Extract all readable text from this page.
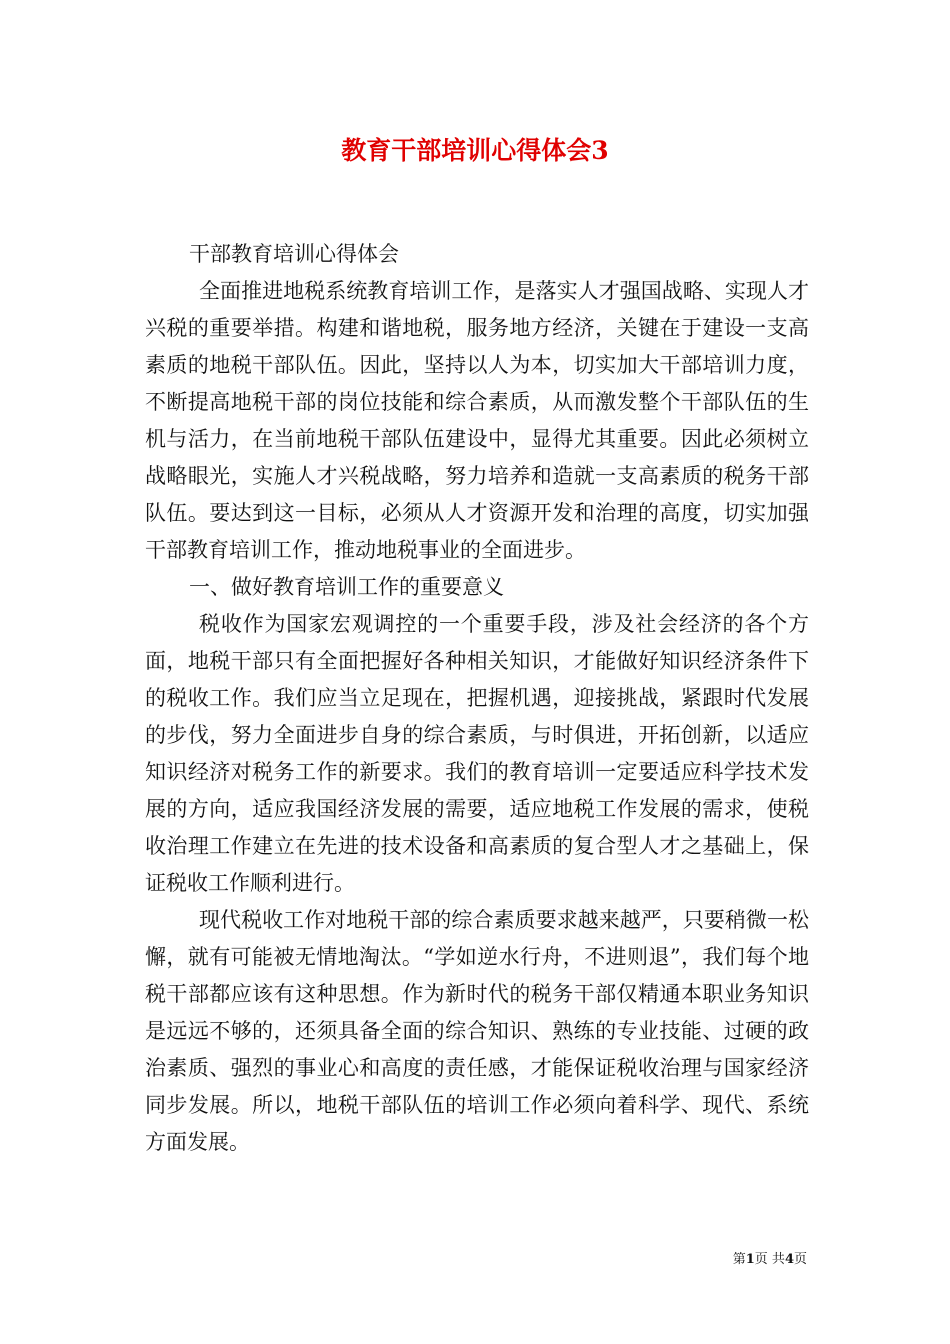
教育干部培训心得体会3

干部教育培训心得体会

全面推进地税系统教育培训工作，是落实人才强国战略、实现人才兴税的重要举措。构建和谐地税，服务地方经济，关键在于建设一支高素质的地税干部队伍。因此，坚持以人为本，切实加大干部培训力度，不断提高地税干部的岗位技能和综合素质，从而激发整个干部队伍的生机与活力，在当前地税干部队伍建设中，显得尤其重要。因此必须树立战略眼光，实施人才兴税战略，努力培养和造就一支高素质的税务干部队伍。要达到这一目标，必须从人才资源开发和治理的高度，切实加强干部教育培训工作，推动地税事业的全面进步。

一、做好教育培训工作的重要意义

税收作为国家宏观调控的一个重要手段，涉及社会经济的各个方面，地税干部只有全面把握好各种相关知识，才能做好知识经济条件下的税收工作。我们应当立足现在，把握机遇，迎接挑战，紧跟时代发展的步伐，努力全面进步自身的综合素质，与时俱进，开拓创新，以适应知识经济对税务工作的新要求。我们的教育培训一定要适应科学技术发展的方向，适应我国经济发展的需要，适应地税工作发展的需求，使税收治理工作建立在先进的技术设备和高素质的复合型人才之基础上，保证税收工作顺利进行。

现代税收工作对地税干部的综合素质要求越来越严，只要稍微一松懈，就有可能被无情地淘汰。“学如逆水行舟，不进则退”，我们每个地税干部都应该有这种思想。作为新时代的税务干部仅精通本职业务知识是远远不够的，还须具备全面的综合知识、熟练的专业技能、过硬的政治素质、强烈的事业心和高度的责任感，才能保证税收治理与国家经济同步发展。所以，地税干部队伍的培训工作必须向着科学、现代、系统方面发展。

第1页 共4页
